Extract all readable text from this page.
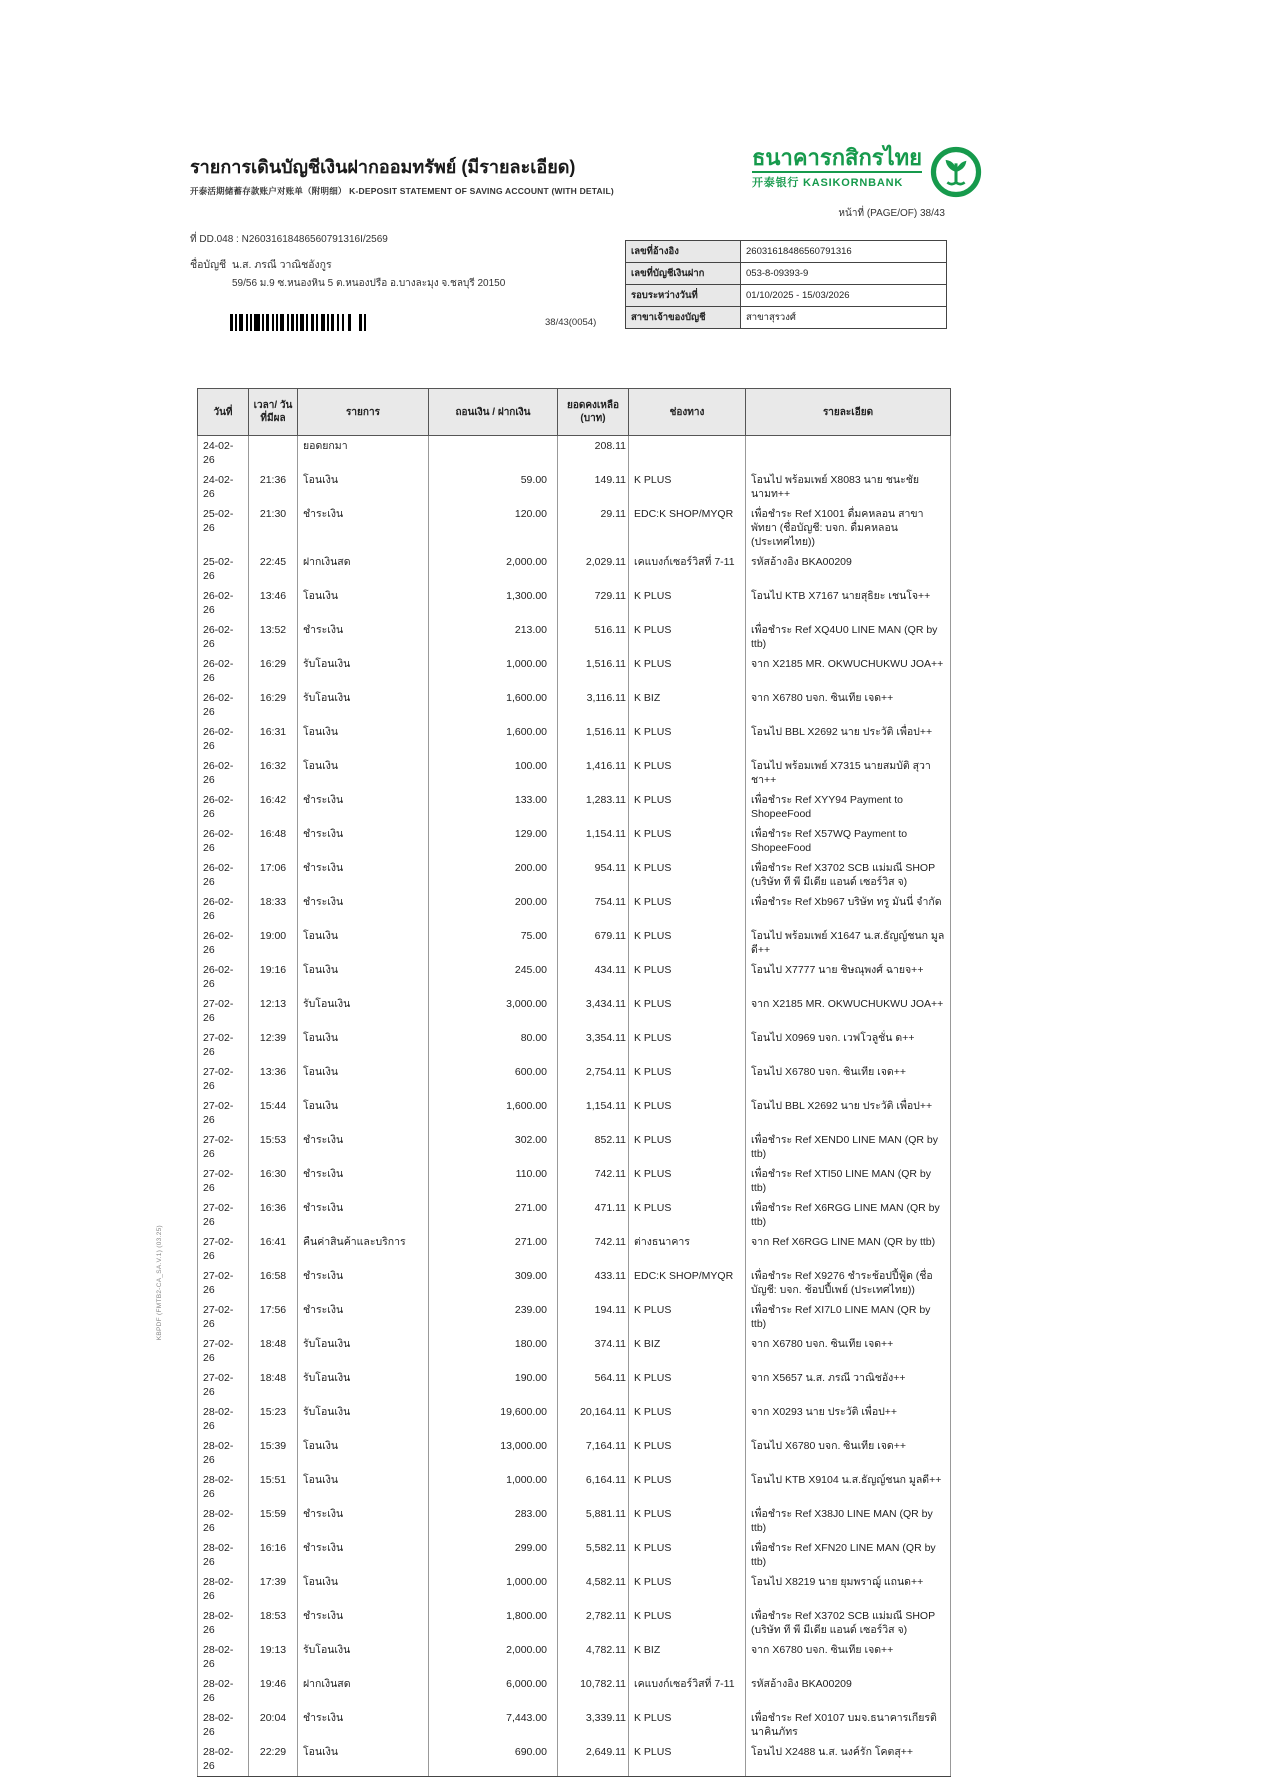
รายการเดินบัญชีเงินฝากออมทรัพย์ (มีรายละเอียด)
开泰活期储蓄存款账户对账单（附明细） K-DEPOSIT STATEMENT OF SAVING ACCOUNT (WITH DETAIL)
ธนาคารกสิกรไทย
开泰银行 KASIKORNBANK
หน้าที่ (PAGE/OF) 38/43
ที่ DD.048 : N26031618486560791316I/2569
ชื่อบัญชี น.ส. ภรณี วาณิชอังกูร
59/56 ม.9 ซ.หนองหิน 5 ต.หนองปรือ อ.บางละมุง จ.ชลบุรี 20150
เลขที่อ้างอิง	26031618486560791316
เลขที่บัญชีเงินฝาก	053-8-09393-9
รอบระหว่างวันที่	01/10/2025 - 15/03/2026
สาขาเจ้าของบัญชี	สาขาสุรวงศ์
38/43(0054)
วันที่	เวลา/ วันที่มีผล	รายการ	ถอนเงิน / ฝากเงิน	ยอดคงเหลือ (บาท)	ช่องทาง	รายละเอียด
24-02-26		ยอดยกมา		208.11		
24-02-26	21:36	โอนเงิน	59.00	149.11	K PLUS	โอนไป พร้อมเพย์ X8083 นาย ชนะชัย นามท++
25-02-26	21:30	ชำระเงิน	120.00	29.11	EDC:K SHOP/MYQR	เพื่อชำระ Ref X1001 ดื่มคหลอน สาขา พัทยา (ชื่อบัญชี: บจก. ดื่มคหลอน (ประเทศไทย))
25-02-26	22:45	ฝากเงินสด	2,000.00	2,029.11	เคแบงก์เซอร์วิสที่ 7-11	รหัสอ้างอิง BKA00209
26-02-26	13:46	โอนเงิน	1,300.00	729.11	K PLUS	โอนไป KTB X7167 นายสุธิยะ เชนโจ++
26-02-26	13:52	ชำระเงิน	213.00	516.11	K PLUS	เพื่อชำระ Ref XQ4U0 LINE MAN (QR by ttb)
26-02-26	16:29	รับโอนเงิน	1,000.00	1,516.11	K PLUS	จาก X2185 MR. OKWUCHUKWU JOA++
26-02-26	16:29	รับโอนเงิน	1,600.00	3,116.11	K BIZ	จาก X6780 บจก. ซินเทีย เจด++
26-02-26	16:31	โอนเงิน	1,600.00	1,516.11	K PLUS	โอนไป BBL X2692 นาย ประวัติ เพื่อป++
26-02-26	16:32	โอนเงิน	100.00	1,416.11	K PLUS	โอนไป พร้อมเพย์ X7315 นายสมบัติ สุวาชา++
26-02-26	16:42	ชำระเงิน	133.00	1,283.11	K PLUS	เพื่อชำระ Ref XYY94 Payment to ShopeeFood
26-02-26	16:48	ชำระเงิน	129.00	1,154.11	K PLUS	เพื่อชำระ Ref X57WQ Payment to ShopeeFood
26-02-26	17:06	ชำระเงิน	200.00	954.11	K PLUS	เพื่อชำระ Ref X3702 SCB แม่มณี SHOP (บริษัท ที พี มีเดีย แอนด์ เซอร์วิส จ)
26-02-26	18:33	ชำระเงิน	200.00	754.11	K PLUS	เพื่อชำระ Ref Xb967 บริษัท ทรู มันนี่ จำกัด
26-02-26	19:00	โอนเงิน	75.00	679.11	K PLUS	โอนไป พร้อมเพย์ X1647 น.ส.ธัญญ์ชนก มูลดี++
26-02-26	19:16	โอนเงิน	245.00	434.11	K PLUS	โอนไป X7777 นาย ชิษณุพงศ์ ฉายจ++
27-02-26	12:13	รับโอนเงิน	3,000.00	3,434.11	K PLUS	จาก X2185 MR. OKWUCHUKWU JOA++
27-02-26	12:39	โอนเงิน	80.00	3,354.11	K PLUS	โอนไป X0969 บจก. เวฟโวลูชั่น ด++
27-02-26	13:36	โอนเงิน	600.00	2,754.11	K PLUS	โอนไป X6780 บจก. ซินเทีย เจด++
27-02-26	15:44	โอนเงิน	1,600.00	1,154.11	K PLUS	โอนไป BBL X2692 นาย ประวัติ เพื่อป++
27-02-26	15:53	ชำระเงิน	302.00	852.11	K PLUS	เพื่อชำระ Ref XEND0 LINE MAN (QR by ttb)
27-02-26	16:30	ชำระเงิน	110.00	742.11	K PLUS	เพื่อชำระ Ref XTI50 LINE MAN (QR by ttb)
27-02-26	16:36	ชำระเงิน	271.00	471.11	K PLUS	เพื่อชำระ Ref X6RGG LINE MAN (QR by ttb)
27-02-26	16:41	คืนค่าสินค้าและบริการ	271.00	742.11	ต่างธนาคาร	จาก Ref X6RGG LINE MAN (QR by ttb)
27-02-26	16:58	ชำระเงิน	309.00	433.11	EDC:K SHOP/MYQR	เพื่อชำระ Ref X9276 ชำระช้อปปี้ฟู้ด (ชื่อบัญชี: บจก. ช้อปปี้เพย์ (ประเทศไทย))
27-02-26	17:56	ชำระเงิน	239.00	194.11	K PLUS	เพื่อชำระ Ref XI7L0 LINE MAN (QR by ttb)
27-02-26	18:48	รับโอนเงิน	180.00	374.11	K BIZ	จาก X6780 บจก. ซินเทีย เจด++
27-02-26	18:48	รับโอนเงิน	190.00	564.11	K PLUS	จาก X5657 น.ส. ภรณี วาณิชอัง++
28-02-26	15:23	รับโอนเงิน	19,600.00	20,164.11	K PLUS	จาก X0293 นาย ประวัติ เพื่อป++
28-02-26	15:39	โอนเงิน	13,000.00	7,164.11	K PLUS	โอนไป X6780 บจก. ซินเทีย เจด++
28-02-26	15:51	โอนเงิน	1,000.00	6,164.11	K PLUS	โอนไป KTB X9104 น.ส.ธัญญ์ชนก มูลดี++
28-02-26	15:59	ชำระเงิน	283.00	5,881.11	K PLUS	เพื่อชำระ Ref X38J0 LINE MAN (QR by ttb)
28-02-26	16:16	ชำระเงิน	299.00	5,582.11	K PLUS	เพื่อชำระ Ref XFN20 LINE MAN (QR by ttb)
28-02-26	17:39	โอนเงิน	1,000.00	4,582.11	K PLUS	โอนไป X8219 นาย ยุมพราฌู์ แถนด++
28-02-26	18:53	ชำระเงิน	1,800.00	2,782.11	K PLUS	เพื่อชำระ Ref X3702 SCB แม่มณี SHOP (บริษัท ที พี มีเดีย แอนด์ เซอร์วิส จ)
28-02-26	19:13	รับโอนเงิน	2,000.00	4,782.11	K BIZ	จาก X6780 บจก. ซินเทีย เจด++
28-02-26	19:46	ฝากเงินสด	6,000.00	10,782.11	เคแบงก์เซอร์วิสที่ 7-11	รหัสอ้างอิง BKA00209
28-02-26	20:04	ชำระเงิน	7,443.00	3,339.11	K PLUS	เพื่อชำระ Ref X0107 บมจ.ธนาคารเกียรตินาคินภัทร
28-02-26	22:29	โอนเงิน	690.00	2,649.11	K PLUS	โอนไป X2488 น.ส. นงค์รัก โคตสุ++
KBPDF (FMTB2-CA_SA.V.1) (03.25)
